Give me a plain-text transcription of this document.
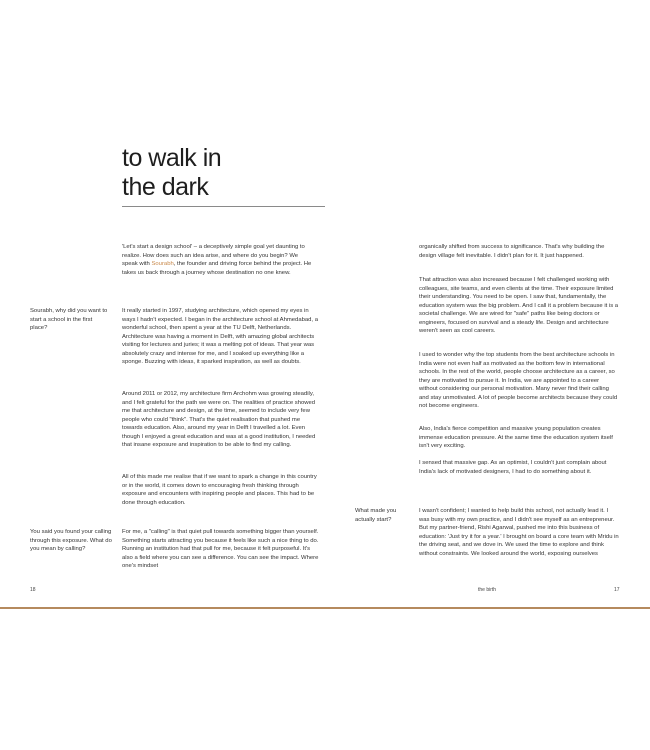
to walk in
the dark

'Let's start a design school' – a deceptively simple goal yet daunting to realize. How does such an idea arise, and where do you begin? We speak with Sourabh, the founder and driving force behind the project. He takes us back through a journey whose destination no one knew.

Sourabh, why did you want to start a school in the first place?

It really started in 1997, studying architecture, which opened my eyes in ways I hadn't expected. I began in the architecture school at Ahmedabad, a wonderful school, then spent a year at the TU Delft, Netherlands. Architecture was having a moment in Delft, with amazing global architects visiting for lectures and juries; it was a melting pot of ideas. That year was absolutely crazy and intense for me, and I soaked up everything like a sponge. Buzzing with ideas, it sparked inspiration, as well as doubts.

Around 2011 or 2012, my architecture firm Archohm was growing steadily, and I felt grateful for the path we were on. The realities of practice showed me that architecture and design, at the time, seemed to include very few people who could "think". That's the quiet realisation that pushed me towards education. Also, around my year in Delft I travelled a lot. Even though I enjoyed a great education and was at a good institution, I needed that insane exposure and inspiration to be able to find my calling.

All of this made me realise that if we want to spark a change in this country or in the world, it comes down to encouraging fresh thinking through exposure and encounters with inspiring people and places. This had to be done through education.

You said you found your calling through this exposure. What do you mean by calling?

For me, a "calling" is that quiet pull towards something bigger than yourself. Something starts attracting you because it feels like such a nice thing to do. Running an institution had that pull for me, because it felt purposeful. It's also a field where you can see a difference. You can see the impact. Where one's mindset

18

organically shifted from success to significance. That's why building the design village felt inevitable. I didn't plan for it. It just happened.

That attraction was also increased because I felt challenged working with colleagues, site teams, and even clients at the time. Their exposure limited their understanding. You need to be open. I saw that, fundamentally, the education system was the big problem. And I call it a problem because it is a societal challenge. We are wired for "safe" paths like being doctors or engineers, focused on survival and a steady life. Design and architecture weren't seen as cool careers.

I used to wonder why the top students from the best architecture schools in India were not even half as motivated as the bottom few in international schools. In the rest of the world, people choose architecture as a career, so they are motivated to pursue it. In India, we are appointed to a career without considering our personal motivation. Many never find their calling and stay unmotivated. A lot of people become architects because they could not become engineers.

Also, India's fierce competition and massive young population creates immense education pressure. At the same time the education system itself isn't very exciting.

I sensed that massive gap. As an optimist, I couldn't just complain about India's lack of motivated designers, I had to do something about it.

What made you actually start?

I wasn't confident; I wanted to help build this school, not actually lead it. I was busy with my own practice, and I didn't see myself as an entrepreneur. But my partner-friend, Rishi Agarwal, pushed me into this business of education: 'Just try it for a year.' I brought on board a core team with Mridu in the driving seat, and we dove in. We used the time to explore and think without constraints. We looked around the world, exposing ourselves

the birth	17
